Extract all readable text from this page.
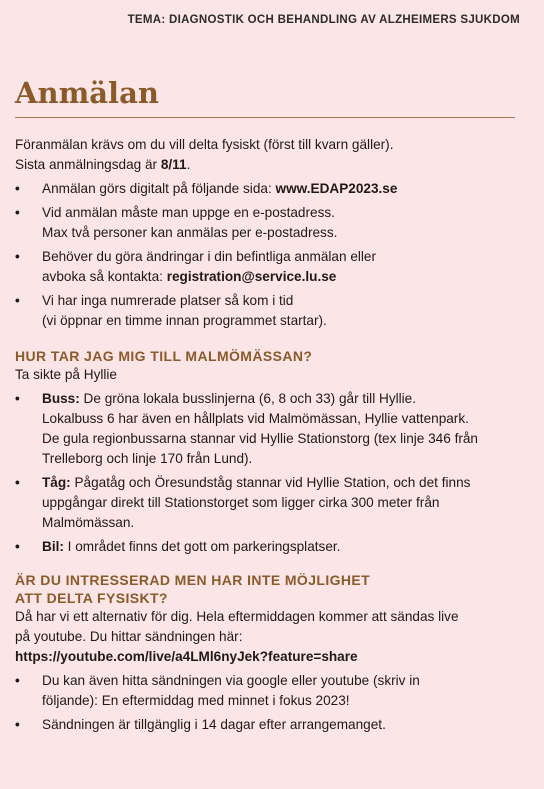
TEMA: DIAGNOSTIK OCH BEHANDLING AV ALZHEIMERS SJUKDOM
Anmälan

Föranmälan krävs om du vill delta fysiskt (först till kvarn gäller).

Sista anmälningsdag är 8/11.

• Anmälan görs digitalt på följande sida: www.EDAP2023.se
• Vid anmälan måste man uppge en e-postadress.
Max två personer kan anmälas per e-postadress.
• Behöver du göra ändringar i din befintliga anmälan eller
avboka så kontakta: registration@service.lu.se
• Vi har inga numrerade platser så kom i tid
(vi öppnar en timme innan programmet startar).
HUR TAR JAG MIG TILL MALMÖMÄSSAN?

Ta sikte på Hyllie

• Buss: De gröna lokala busslinjerna (6, 8 och 33) går till Hyllie.
Lokalbuss 6 har även en hållplats vid Malmömässan, Hyllie vattenpark.
De gula regionbussarna stannar vid Hyllie Stationstorg (tex linje 346 från
Trelleborg och linje 170 från Lund).
• Tåg: Pågatåg och Öresundståg stannar vid Hyllie Station, och det finns
uppgångar direkt till Stationstorget som ligger cirka 300 meter från
Malmömässan.
• Bil: I området finns det gott om parkeringsplatser.
ÄR DU INTRESSERAD MEN HAR INTE MÖJLIGHET
ATT DELTA FYSISKT?

Då har vi ett alternativ för dig. Hela eftermiddagen kommer att sändas live

på youtube. Du hittar sändningen här:

https://youtube.com/live/a4LMl6nyJek?feature=share

• Du kan även hitta sändningen via google eller youtube (skriv in
följande): En eftermiddag med minnet i fokus 2023!
• Sändningen är tillgänglig i 14 dagar efter arrangemanget.
